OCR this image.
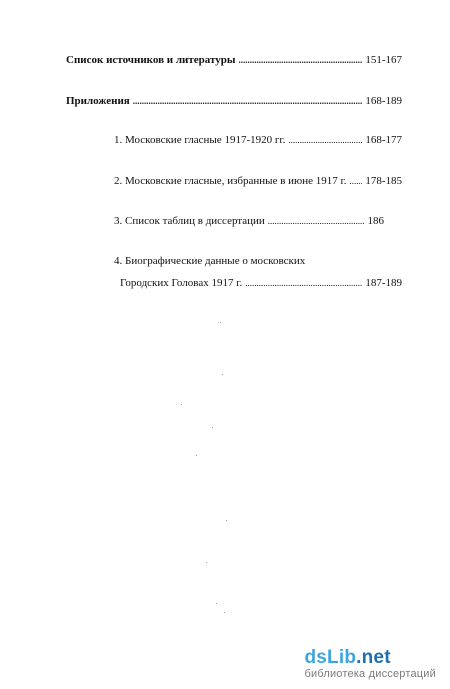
Список источников и литературы .....	151-167
Приложения .....	168-189
1. Московские гласные 1917-1920 гг. .....	168-177
2. Московские гласные, избранные в июне 1917 г. ..... 178-185
3. Список таблиц в диссертации .....	186
4. Биографические данные о московских
Городских Головах 1917 г. .....	187-189
dsLib.net
библиотека диссертаций
